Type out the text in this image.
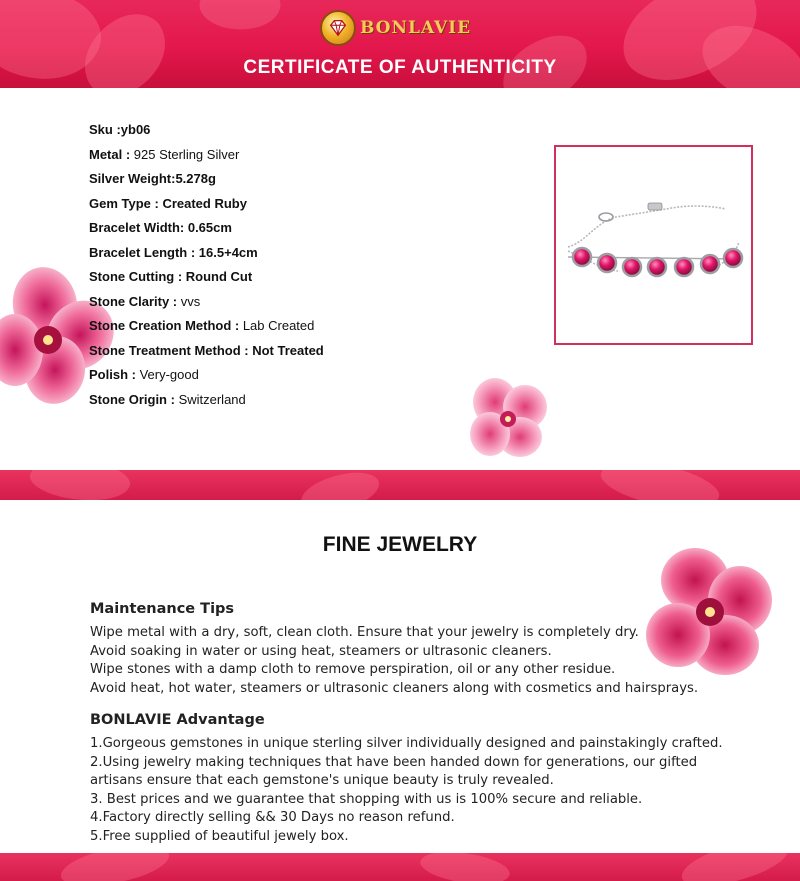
BONLAVIE
CERTIFICATE OF AUTHENTICITY
Sku :yb06
Metal : 925 Sterling Silver
Silver Weight:5.278g
Gem Type : Created Ruby
Bracelet Width: 0.65cm
Bracelet Length : 16.5+4cm
Stone Cutting : Round Cut
Stone Clarity : vvs
Stone Creation Method : Lab Created
Stone Treatment Method : Not Treated
Polish : Very-good
Stone Origin : Switzerland
FINE JEWELRY
Maintenance Tips
Wipe metal with a dry, soft, clean cloth. Ensure that your jewelry is completely dry.
Avoid soaking in water or using heat, steamers or ultrasonic cleaners.
Wipe stones with a damp cloth to remove perspiration, oil or any other residue.
Avoid heat, hot water, steamers or ultrasonic cleaners along with cosmetics and hairsprays.
BONLAVIE Advantage
1.Gorgeous gemstones in unique sterling silver individually designed and painstakingly crafted.
2.Using jewelry making techniques that have been handed down for generations, our gifted
artisans ensure that each gemstone's unique beauty is truly revealed.
3. Best prices and we guarantee that shopping with us is 100% secure and reliable.
4.Factory directly selling && 30 Days no reason refund.
5.Free supplied of beautiful jewely box.
